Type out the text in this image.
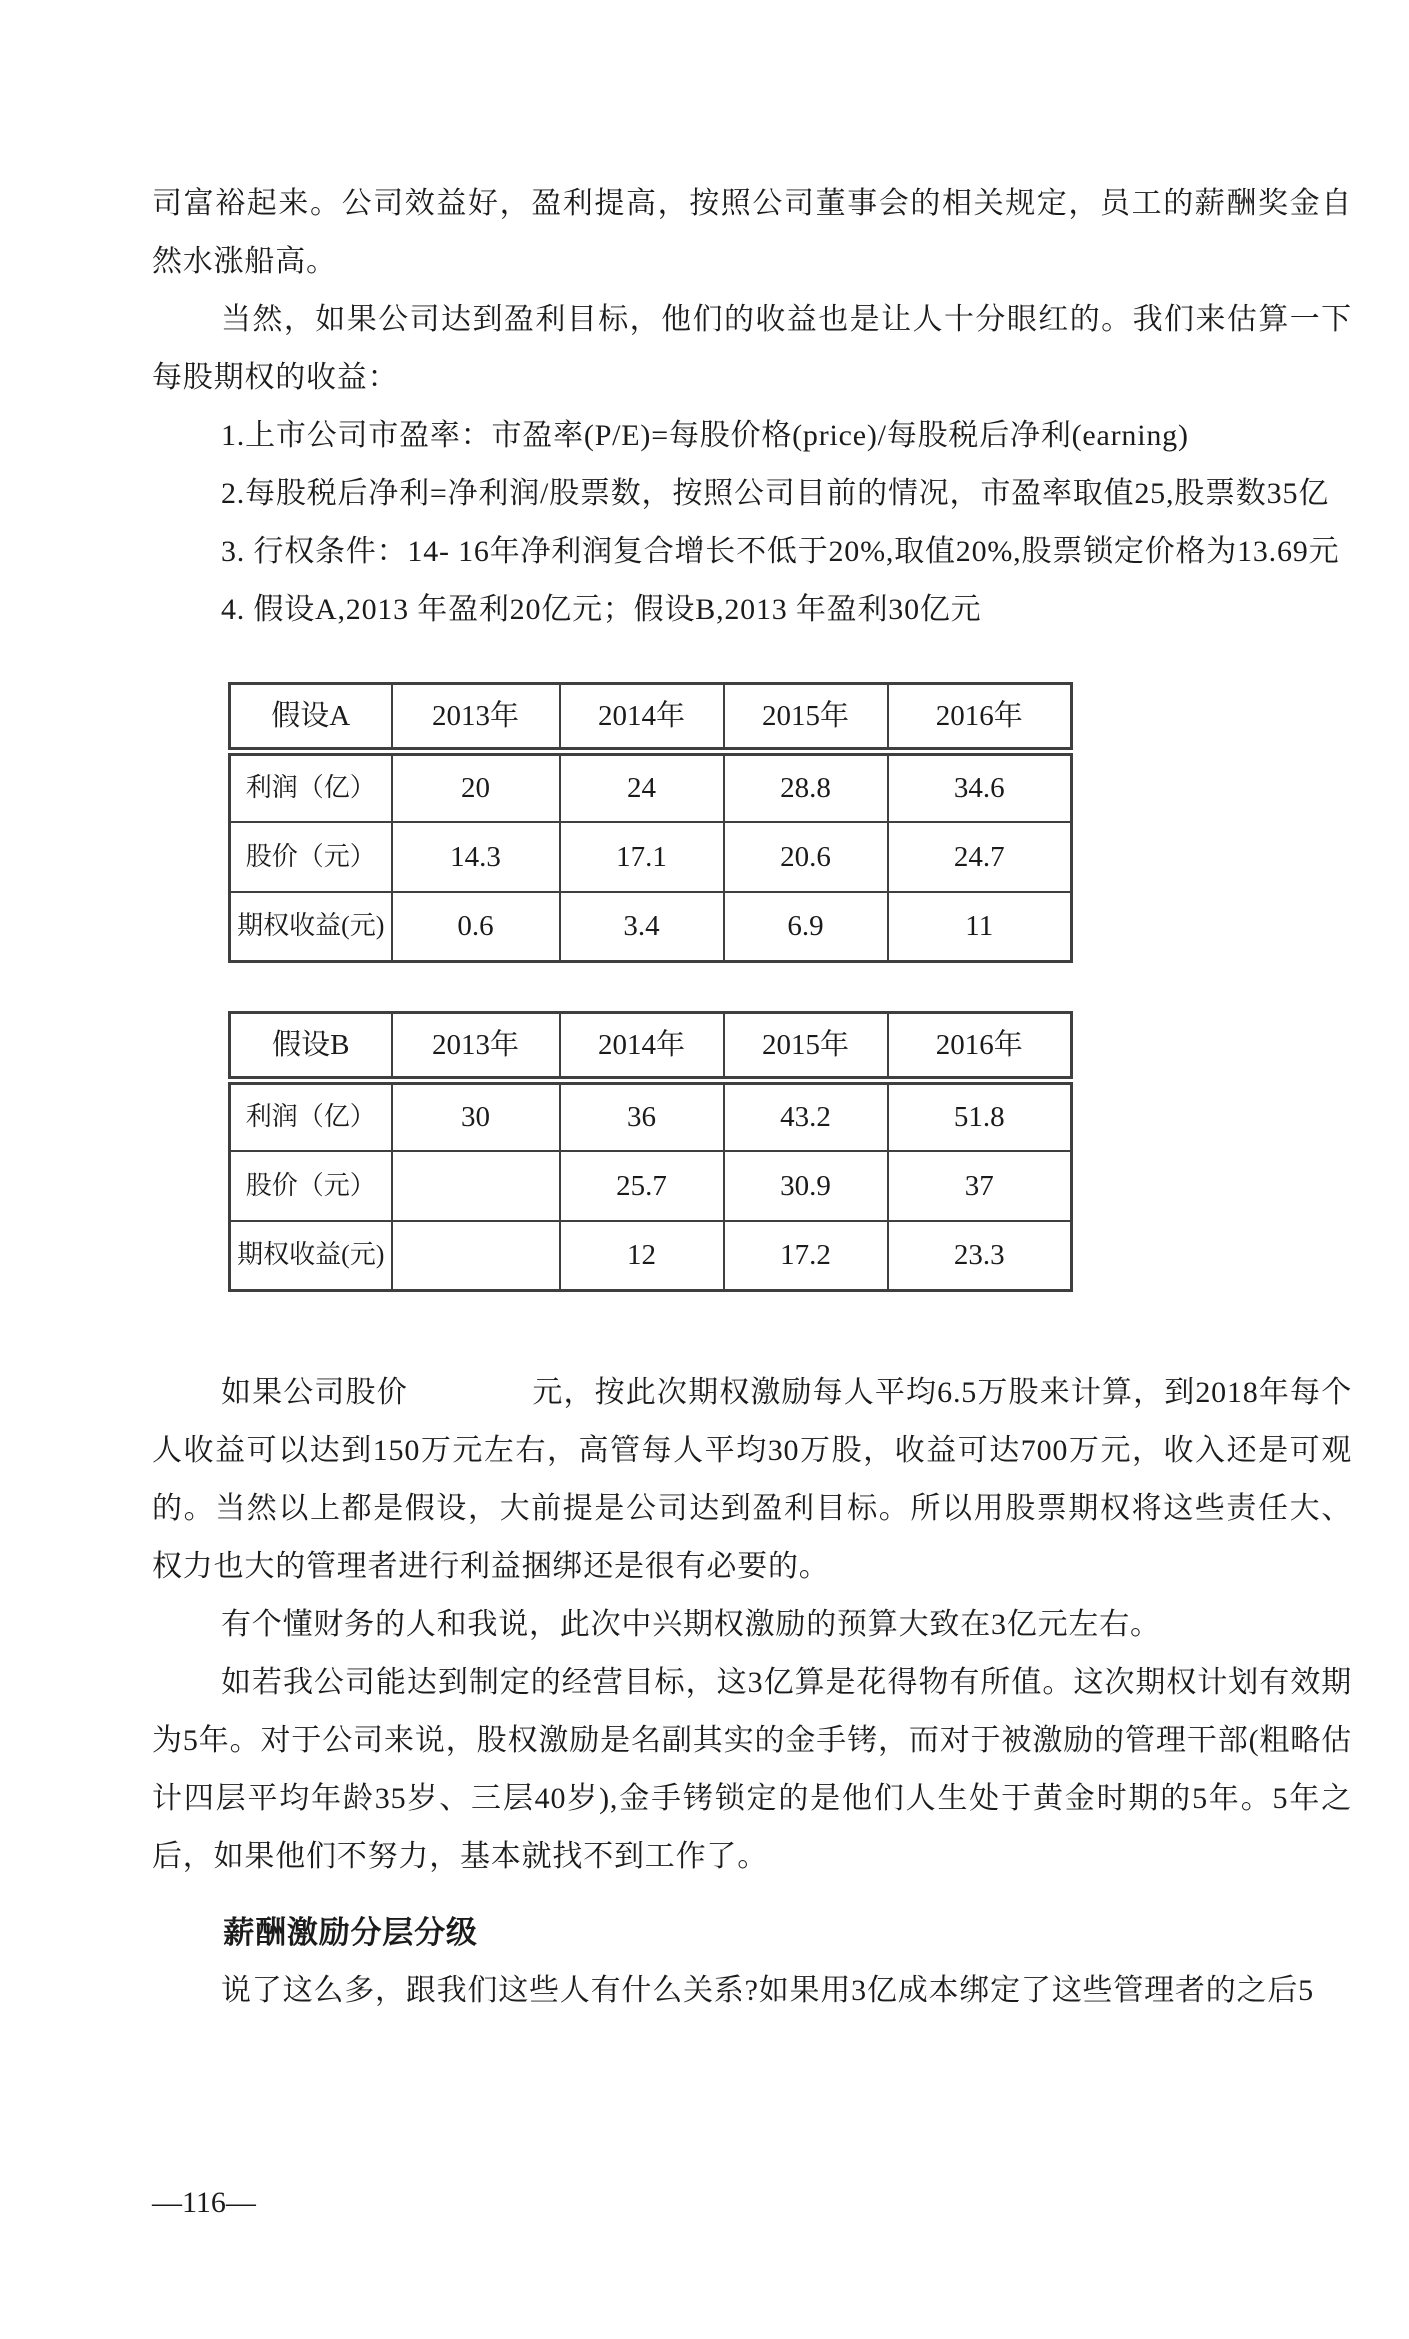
司富裕起来。公司效益好，盈利提高，按照公司董事会的相关规定，员工的薪酬奖金自然水涨船高。

当然，如果公司达到盈利目标，他们的收益也是让人十分眼红的。我们来估算一下每股期权的收益：

1.上市公司市盈率：市盈率(P/E)=每股价格(price)/每股税后净利(earning)

2.每股税后净利=净利润/股票数，按照公司目前的情况，市盈率取值25,股票数35亿

3. 行权条件：14- 16年净利润复合增长不低于20%,取值20%,股票锁定价格为13.69元

4. 假设A,2013 年盈利20亿元；假设B,2013 年盈利30亿元

假设A	2013年	2014年	2015年	2016年
利润（亿）	20	24	28.8	34.6
股价（元）	14.3	17.1	20.6	24.7
期权收益(元)	0.6	3.4	6.9	11
假设B	2013年	2014年	2015年	2016年
利润（亿）	30	36	43.2	51.8
股价（元）		25.7	30.9	37
期权收益(元)		12	17.2	23.3

如果公司股价　　　　元，按此次期权激励每人平均6.5万股来计算，到2018年每个人收益可以达到150万元左右，高管每人平均30万股，收益可达700万元，收入还是可观的。当然以上都是假设，大前提是公司达到盈利目标。所以用股票期权将这些责任大、权力也大的管理者进行利益捆绑还是很有必要的。

有个懂财务的人和我说，此次中兴期权激励的预算大致在3亿元左右。

如若我公司能达到制定的经营目标，这3亿算是花得物有所值。这次期权计划有效期为5年。对于公司来说，股权激励是名副其实的金手铐，而对于被激励的管理干部(粗略估计四层平均年龄35岁、三层40岁),金手铐锁定的是他们人生处于黄金时期的5年。5年之后，如果他们不努力，基本就找不到工作了。

薪酬激励分层分级

说了这么多，跟我们这些人有什么关系?如果用3亿成本绑定了这些管理者的之后5

—116—
